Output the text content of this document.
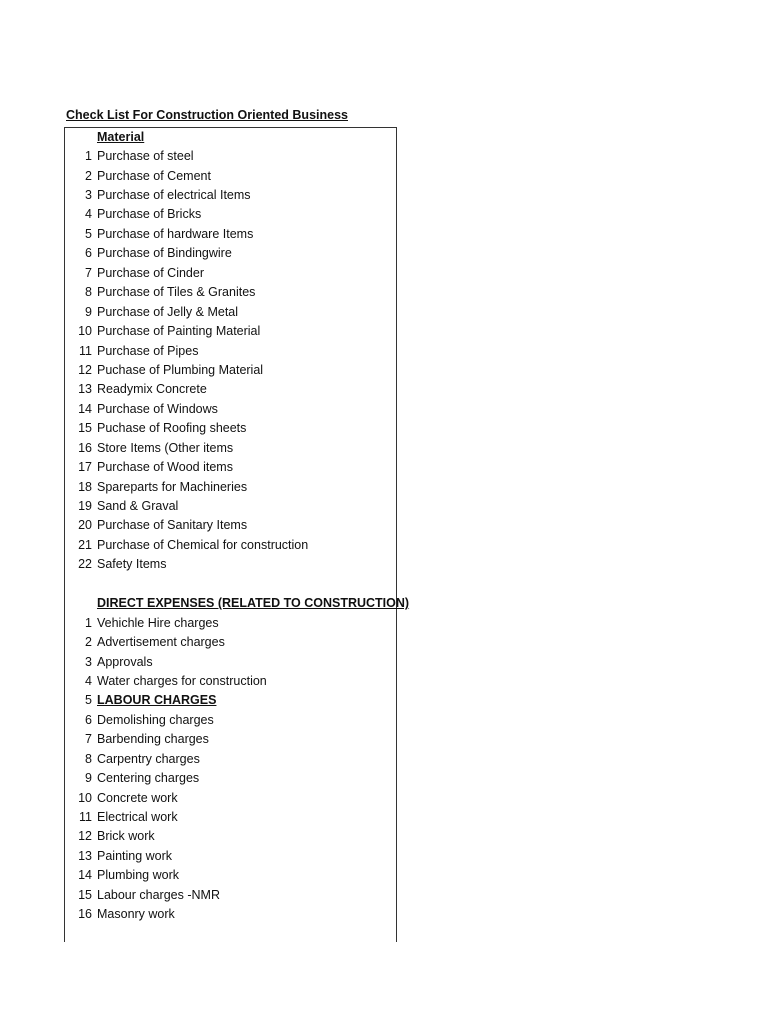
Check List For Construction Oriented Business
Material
1 Purchase of steel
2 Purchase of Cement
3 Purchase of electrical Items
4 Purchase of Bricks
5 Purchase of hardware Items
6 Purchase of Bindingwire
7 Purchase of Cinder
8 Purchase of Tiles & Granites
9 Purchase of Jelly & Metal
10 Purchase of Painting Material
11 Purchase of Pipes
12 Puchase of Plumbing Material
13 Readymix Concrete
14 Purchase of Windows
15 Puchase of Roofing sheets
16 Store Items (Other items
17 Purchase of Wood items
18 Spareparts for Machineries
19 Sand & Graval
20 Purchase of Sanitary Items
21 Purchase of Chemical for construction
22 Safety Items
DIRECT EXPENSES (RELATED TO CONSTRUCTION)
1 Vehichle Hire charges
2 Advertisement charges
3 Approvals
4 Water charges for construction
5 LABOUR CHARGES
6 Demolishing charges
7 Barbending charges
8 Carpentry charges
9 Centering charges
10 Concrete work
11 Electrical work
12 Brick work
13 Painting work
14 Plumbing work
15 Labour charges -NMR
16 Masonry work
